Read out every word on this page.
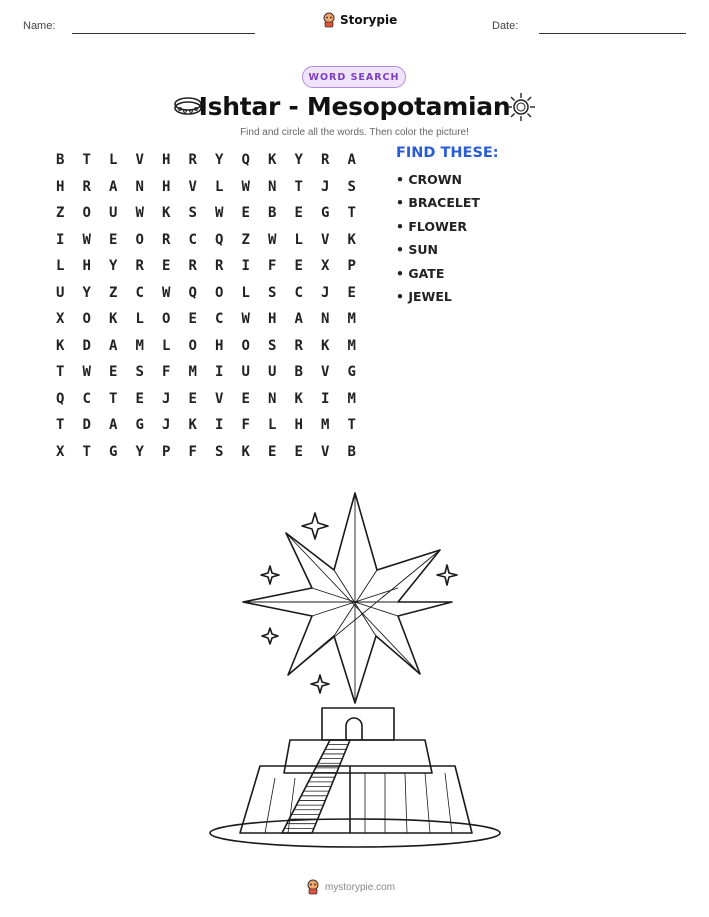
Name:	Storypie	Date:
WORD SEARCH
Ishtar - Mesopotamian
Find and circle all the words. Then color the picture!
B	T	L	V	H	R	Y	Q	K	Y	R	A
H	R	A	N	H	V	L	W	N	T	J	S
Z	O	U	W	K	S	W	E	B	E	G	T
I	W	E	O	R	C	Q	Z	W	L	V	K
L	H	Y	R	E	R	R	I	F	E	X	P
U	Y	Z	C	W	Q	O	L	S	C	J	E
X	O	K	L	O	E	C	W	H	A	N	M
K	D	A	M	L	O	H	O	S	R	K	M
T	W	E	S	F	M	I	U	U	B	V	G
Q	C	T	E	J	E	V	E	N	K	I	M
T	D	A	G	J	K	I	F	L	H	M	T
X	T	G	Y	P	F	S	K	E	E	V	B
FIND THESE:
• CROWN
• BRACELET
• FLOWER
• SUN
• GATE
• JEWEL
mystorypie.com
